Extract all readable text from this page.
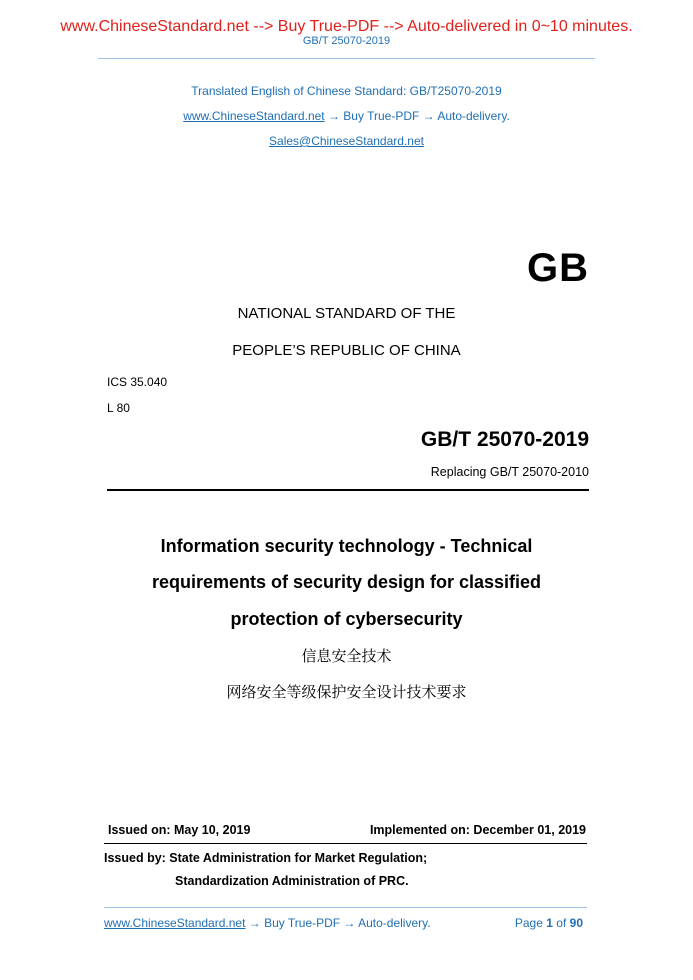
www.ChineseStandard.net --> Buy True-PDF --> Auto-delivered in 0~10 minutes.
GB/T 25070-2019
Translated English of Chinese Standard: GB/T25070-2019
www.ChineseStandard.net → Buy True-PDF → Auto-delivery.
Sales@ChineseStandard.net
GB
NATIONAL STANDARD OF THE
PEOPLE’S REPUBLIC OF CHINA
ICS 35.040
L 80
GB/T 25070-2019
Replacing GB/T 25070-2010
Information security technology - Technical
requirements of security design for classified
protection of cybersecurity
信息安全技术
网络安全等级保护安全设计技术要求
Issued on: May 10, 2019	Implemented on: December 01, 2019
Issued by: State Administration for Market Regulation;
Standardization Administration of PRC.
www.ChineseStandard.net → Buy True-PDF → Auto-delivery.	Page 1 of 90
